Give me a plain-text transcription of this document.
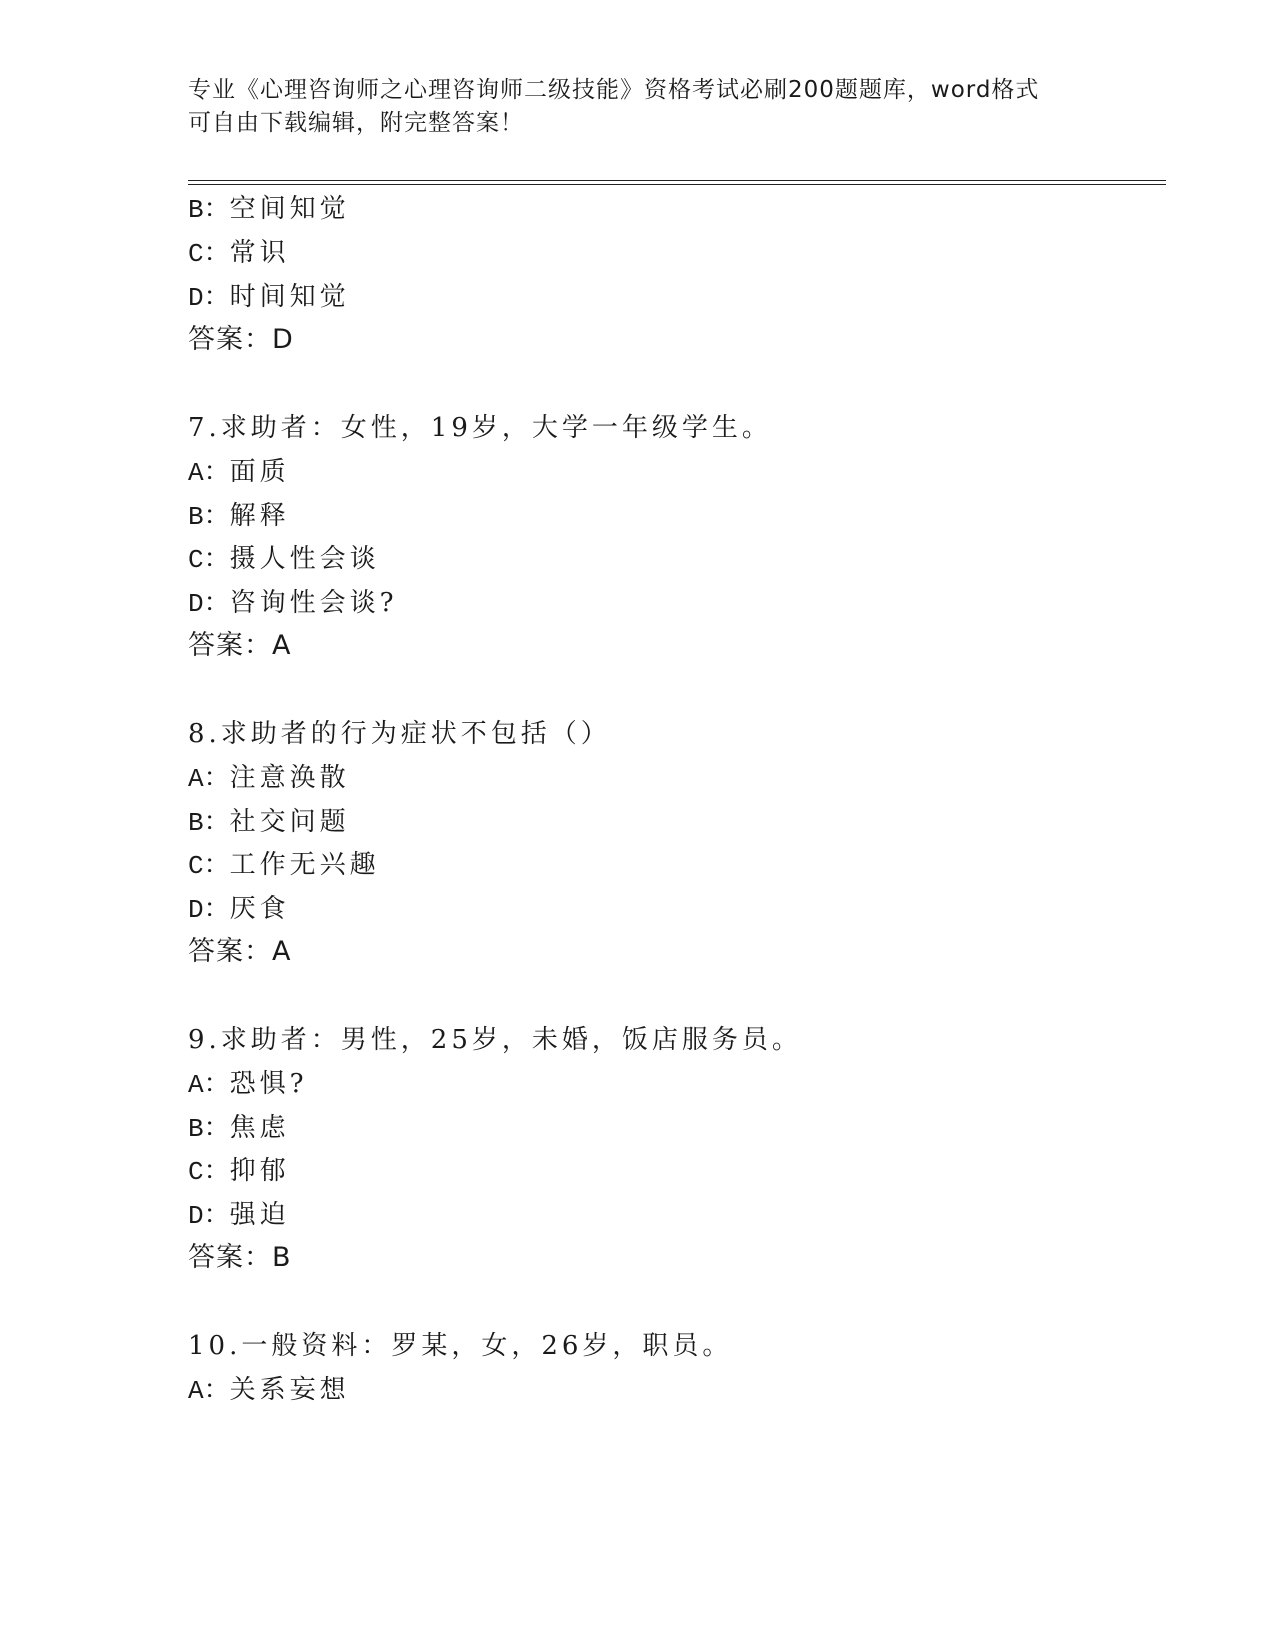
专业《心理咨询师之心理咨询师二级技能》资格考试必刷200题题库，word格式
可自由下载编辑，附完整答案！
B：空间知觉
C：常识
D：时间知觉
答案：D
7.求助者：女性，19岁，大学一年级学生。
A：面质
B：解释
C：摄人性会谈
D：咨询性会谈?
答案：A
8.求助者的行为症状不包括（）
A：注意涣散
B：社交问题
C：工作无兴趣
D：厌食
答案：A
9.求助者：男性，25岁，未婚，饭店服务员。
A：恐惧?
B：焦虑
C：抑郁
D：强迫
答案：B
10.一般资料：罗某，女，26岁，职员。
A：关系妄想
